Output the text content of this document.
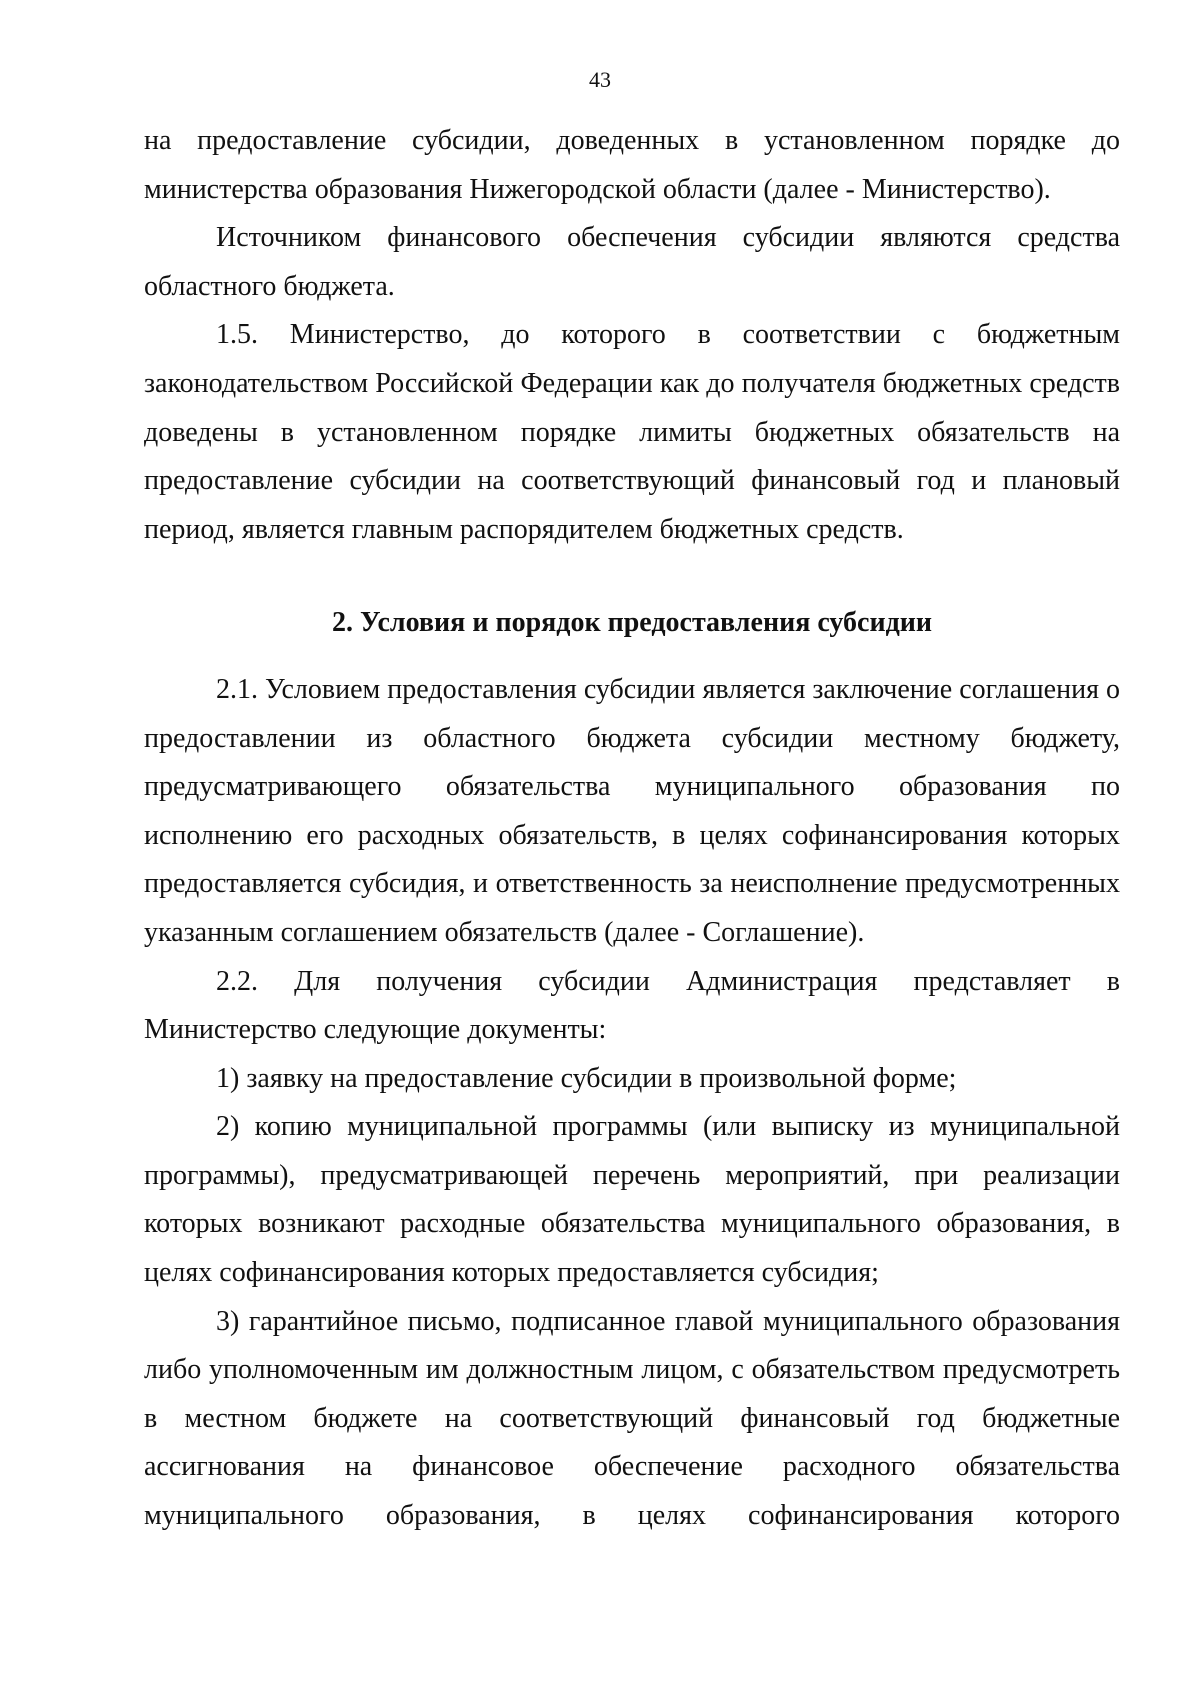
43

на предоставление субсидии, доведенных в установленном порядке до министерства образования Нижегородской области (далее - Министерство).

Источником финансового обеспечения субсидии являются средства областного бюджета.

1.5. Министерство, до которого в соответствии с бюджетным законодательством Российской Федерации как до получателя бюджетных средств доведены в установленном порядке лимиты бюджетных обязательств на предоставление субсидии на соответствующий финансовый год и плановый период, является главным распорядителем бюджетных средств.

2. Условия и порядок предоставления субсидии

2.1. Условием предоставления субсидии является заключение соглашения о предоставлении из областного бюджета субсидии местному бюджету, предусматривающего обязательства муниципального образования по исполнению его расходных обязательств, в целях софинансирования которых предоставляется субсидия, и ответственность за неисполнение предусмотренных указанным соглашением обязательств (далее - Соглашение).

2.2. Для получения субсидии Администрация представляет в Министерство следующие документы:

1) заявку на предоставление субсидии в произвольной форме;

2) копию муниципальной программы (или выписку из муниципальной программы), предусматривающей перечень мероприятий, при реализации которых возникают расходные обязательства муниципального образования, в целях софинансирования которых предоставляется субсидия;

3) гарантийное письмо, подписанное главой муниципального образования либо уполномоченным им должностным лицом, с обязательством предусмотреть в местном бюджете на соответствующий финансовый год бюджетные ассигнования на финансовое обеспечение расходного обязательства муниципального образования, в целях софинансирования которого
